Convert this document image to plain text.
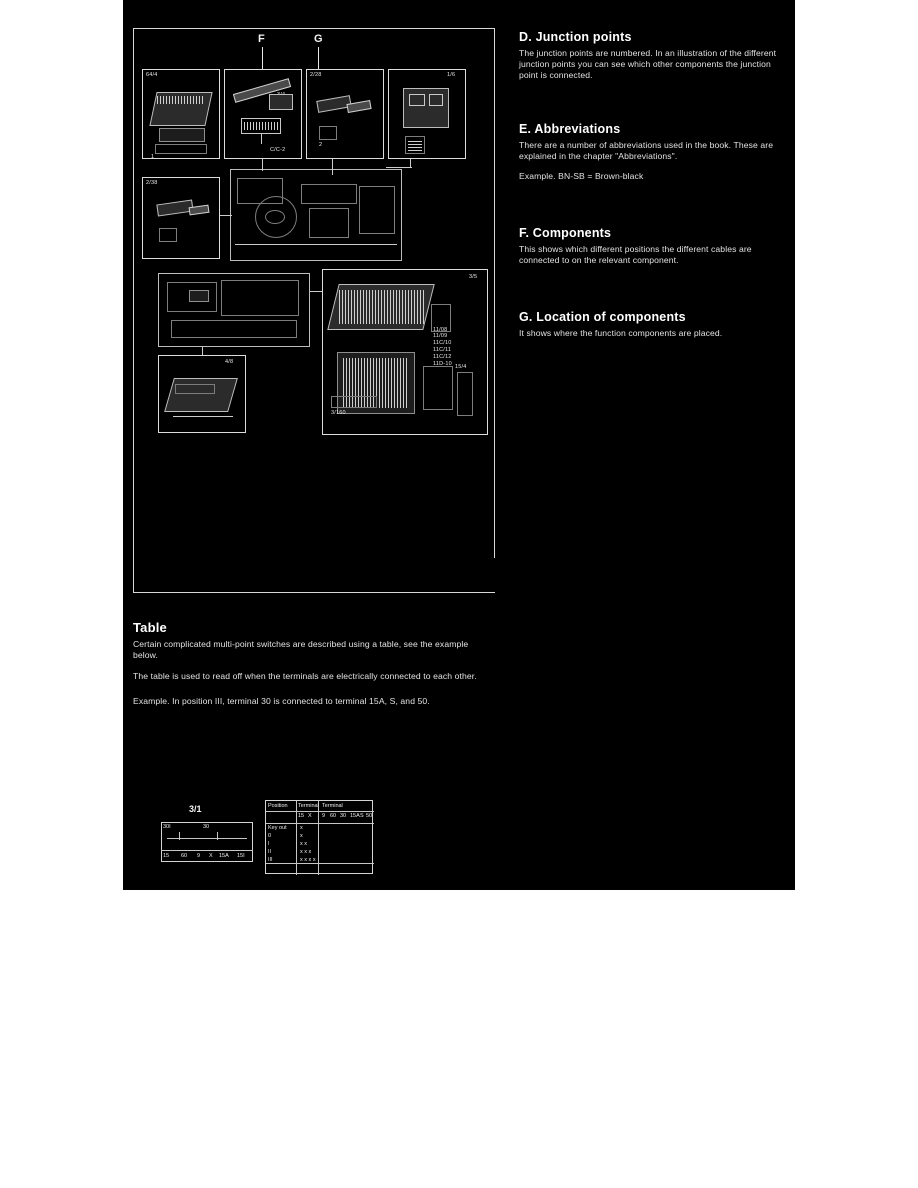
F	G
64/4
1
2/28
2
1/6
C/C-2
2/38
4/8
3/5
11/08
11/09
11C/10
11C/11
11C/12
11D-10 15/4
3/160
Table

Certain complicated multi-point switches are described using a table, see the example below.

The table is used to read off when the terminals are electrically connected to each other.

Example. In position III, terminal 30 is connected to terminal 15A, S, and 50.

3/1
30I	30
15 60 9 X 15A 15I
Position Terminal Terminal
15 X 9 60 30 15A S 50
Key out
0
I
II
III
x
x
x x
x x x
x x x x
D. Junction points

The junction points are numbered. In an illustration of the different junction points you can see which other components the junction point is connected.

E. Abbreviations

There are a number of abbreviations used in the book. These are explained in the chapter "Abbreviations".

Example. BN-SB = Brown-black

F. Components

This shows which different positions the different cables are connected to on the relevant component.

G. Location of components

It shows where the function components are placed.
